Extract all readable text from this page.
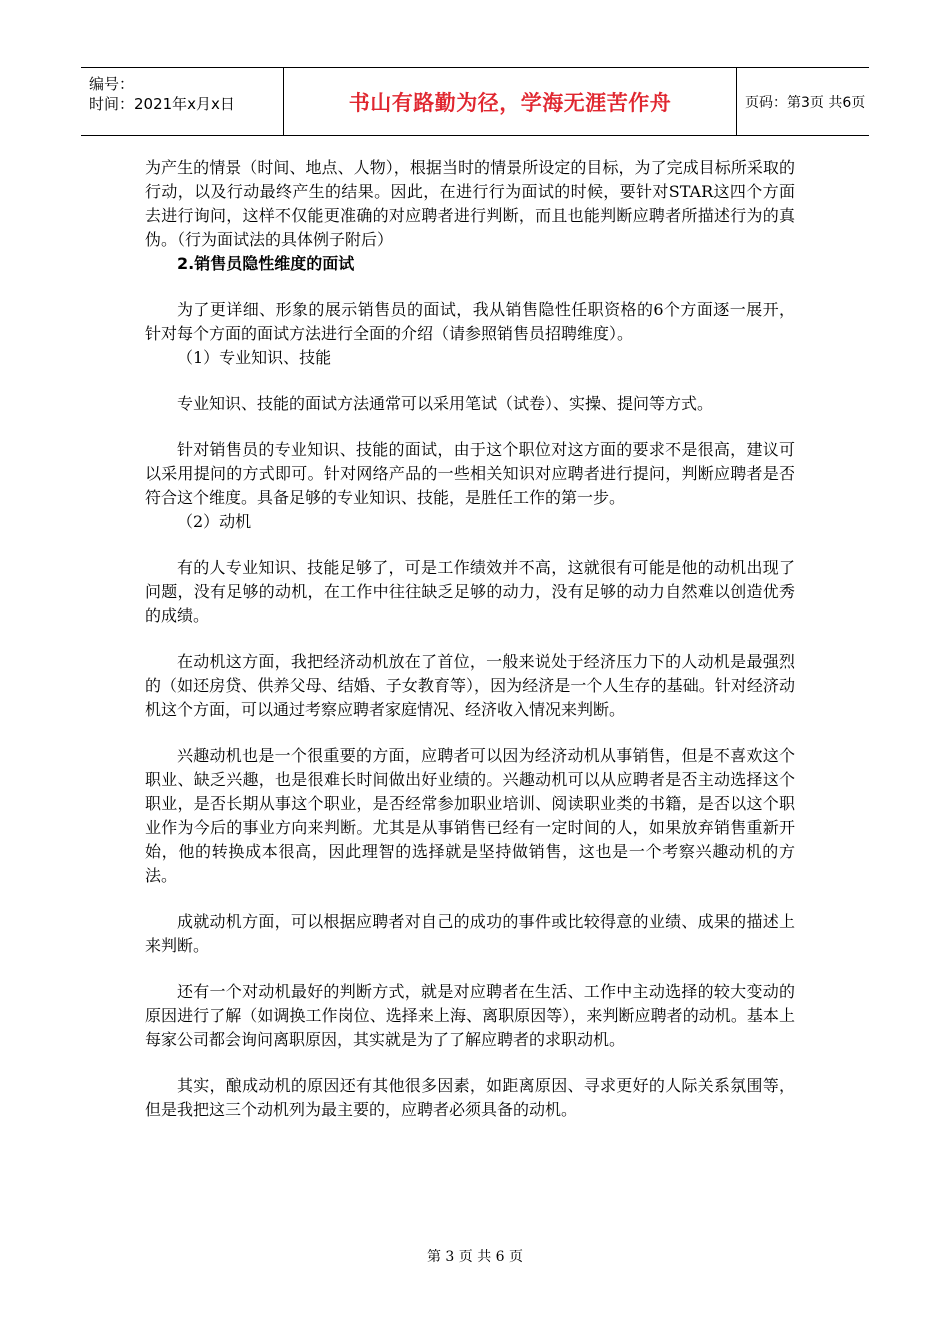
编号：
时间：2021年x月x日	书山有路勤为径，学海无涯苦作舟	页码：第3页 共6页

为产生的情景（时间、地点、人物），根据当时的情景所设定的目标，为了完成目标所采取的行动，以及行动最终产生的结果。因此，在进行行为面试的时候，要针对STAR这四个方面去进行询问，这样不仅能更准确的对应聘者进行判断，而且也能判断应聘者所描述行为的真伪。（行为面试法的具体例子附后）

2.销售员隐性维度的面试

为了更详细、形象的展示销售员的面试，我从销售隐性任职资格的6个方面逐一展开，针对每个方面的面试方法进行全面的介绍（请参照销售员招聘维度）。

（1）专业知识、技能

专业知识、技能的面试方法通常可以采用笔试（试卷）、实操、提问等方式。

针对销售员的专业知识、技能的面试，由于这个职位对这方面的要求不是很高，建议可以采用提问的方式即可。针对网络产品的一些相关知识对应聘者进行提问，判断应聘者是否符合这个维度。具备足够的专业知识、技能，是胜任工作的第一步。

（2）动机

有的人专业知识、技能足够了，可是工作绩效并不高，这就很有可能是他的动机出现了问题，没有足够的动机，在工作中往往缺乏足够的动力，没有足够的动力自然难以创造优秀的成绩。

在动机这方面，我把经济动机放在了首位，一般来说处于经济压力下的人动机是最强烈的（如还房贷、供养父母、结婚、子女教育等），因为经济是一个人生存的基础。针对经济动机这个方面，可以通过考察应聘者家庭情况、经济收入情况来判断。

兴趣动机也是一个很重要的方面，应聘者可以因为经济动机从事销售，但是不喜欢这个职业、缺乏兴趣，也是很难长时间做出好业绩的。兴趣动机可以从应聘者是否主动选择这个职业，是否长期从事这个职业，是否经常参加职业培训、阅读职业类的书籍，是否以这个职业作为今后的事业方向来判断。尤其是从事销售已经有一定时间的人，如果放弃销售重新开始，他的转换成本很高，因此理智的选择就是坚持做销售，这也是一个考察兴趣动机的方法。

成就动机方面，可以根据应聘者对自己的成功的事件或比较得意的业绩、成果的描述上来判断。

还有一个对动机最好的判断方式，就是对应聘者在生活、工作中主动选择的较大变动的原因进行了解（如调换工作岗位、选择来上海、离职原因等），来判断应聘者的动机。基本上每家公司都会询问离职原因，其实就是为了了解应聘者的求职动机。

其实，酿成动机的原因还有其他很多因素，如距离原因、寻求更好的人际关系氛围等，但是我把这三个动机列为最主要的，应聘者必须具备的动机。

第 3 页 共 6 页
